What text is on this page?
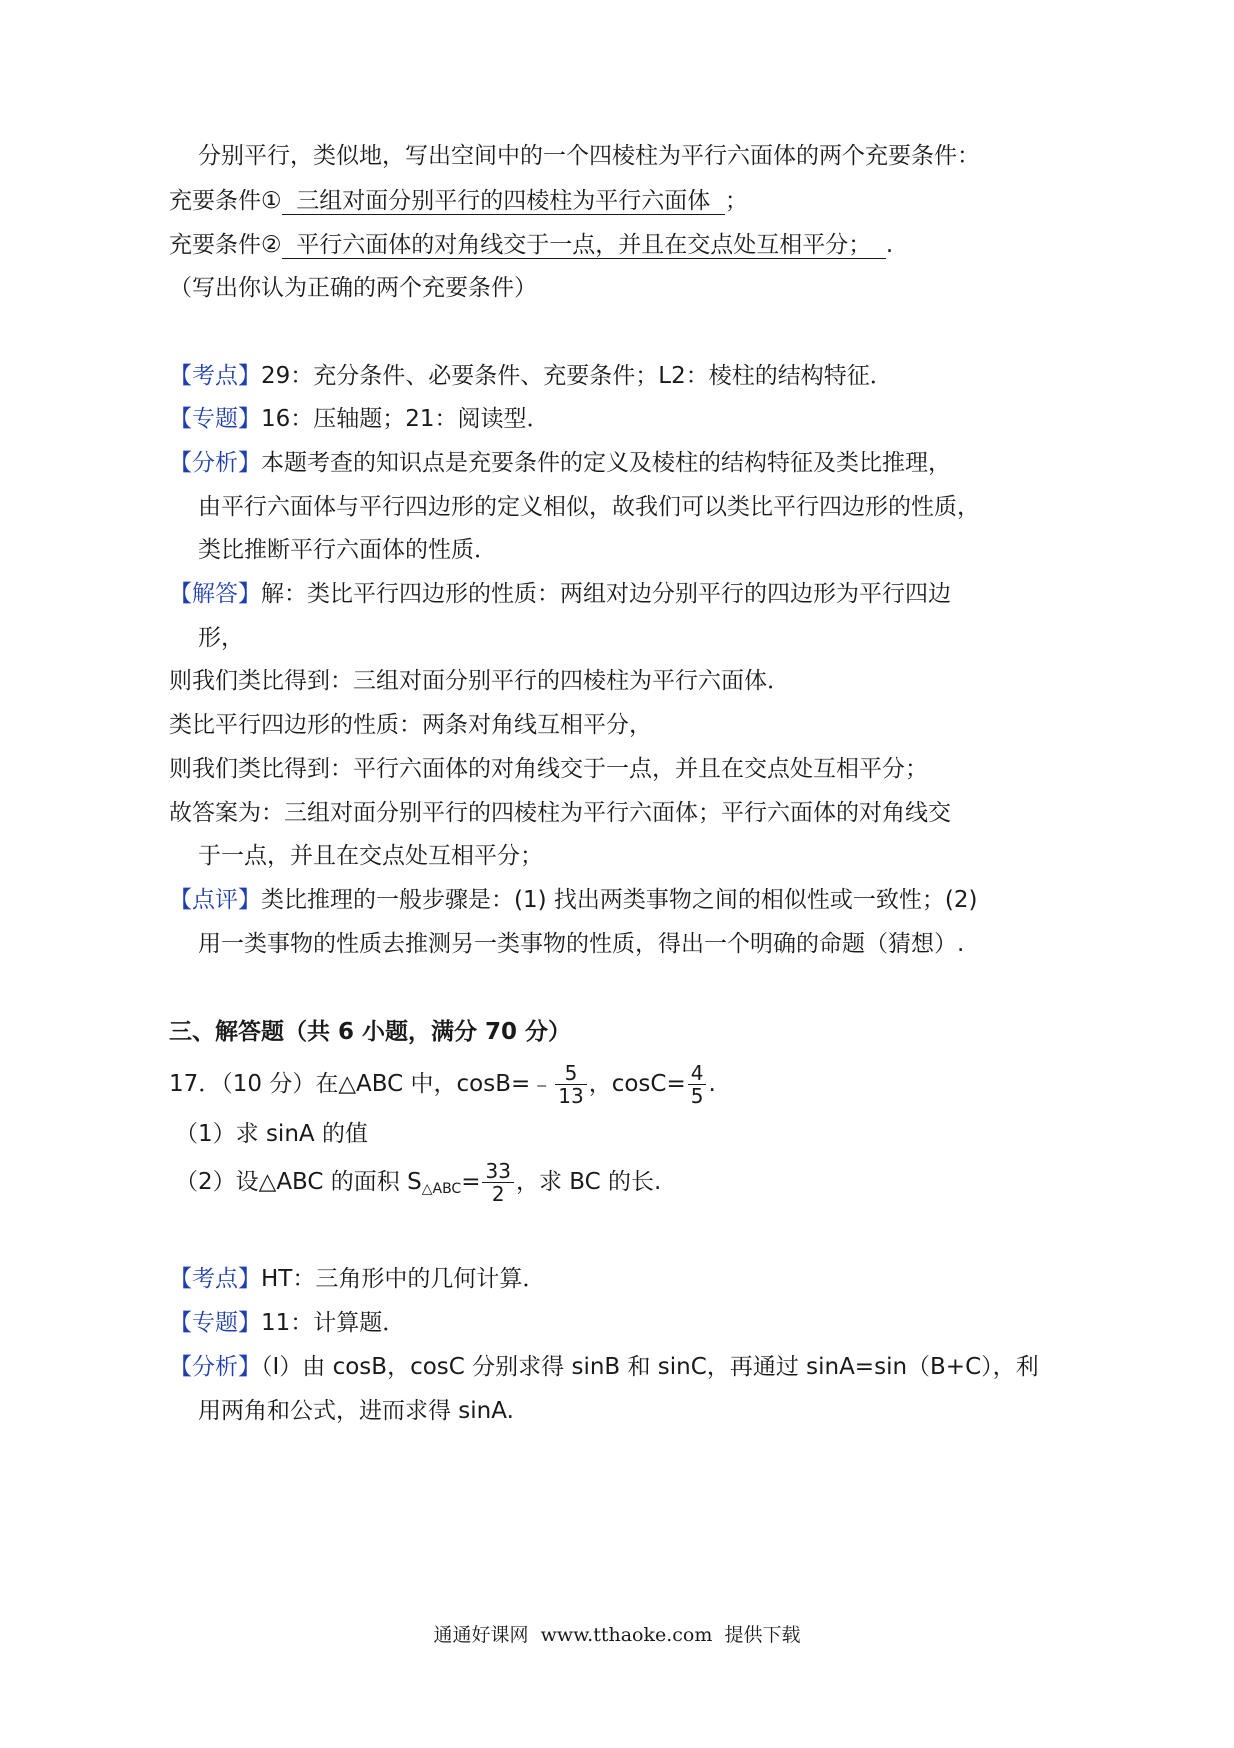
分别平行，类似地，写出空间中的一个四棱柱为平行六面体的两个充要条件：
充要条件①  三组对面分别平行的四棱柱为平行六面体  ；
充要条件②  平行六面体的对角线交于一点，并且在交点处互相平分；  .
（写出你认为正确的两个充要条件）
【考点】29：充分条件、必要条件、充要条件；L2：棱柱的结构特征．
【专题】16：压轴题；21：阅读型．
【分析】本题考查的知识点是充要条件的定义及棱柱的结构特征及类比推理，
由平行六面体与平行四边形的定义相似，故我们可以类比平行四边形的性质，
类比推断平行六面体的性质．
【解答】解：类比平行四边形的性质：两组对边分别平行的四边形为平行四边
形，
则我们类比得到：三组对面分别平行的四棱柱为平行六面体．
类比平行四边形的性质：两条对角线互相平分，
则我们类比得到：平行六面体的对角线交于一点，并且在交点处互相平分；
故答案为：三组对面分别平行的四棱柱为平行六面体；平行六面体的对角线交
于一点，并且在交点处互相平分；
【点评】类比推理的一般步骤是：(1) 找出两类事物之间的相似性或一致性；(2)
用一类事物的性质去推测另一类事物的性质，得出一个明确的命题（猜想）.
三、解答题（共 6 小题，满分 70 分）
17．（10 分）在△ABC 中，cosB=﹣ $\frac{5}{13}$ ，$\cos C= \frac{4}{5}$ .
（1）求 sinA 的值
（2）设△ABC 的面积 $S_{\triangle ABC}= \frac{33}{2}$ ，求 BC 的长.
【考点】HT：三角形中的几何计算．
【专题】11：计算题．
【分析】（Ⅰ）由 cosB，cosC 分别求得 sinB 和 sinC，再通过 sinA=sin（B+C），利
用两角和公式，进而求得 sinA.
通通好课网  www.tthaoke.com  提供下载
